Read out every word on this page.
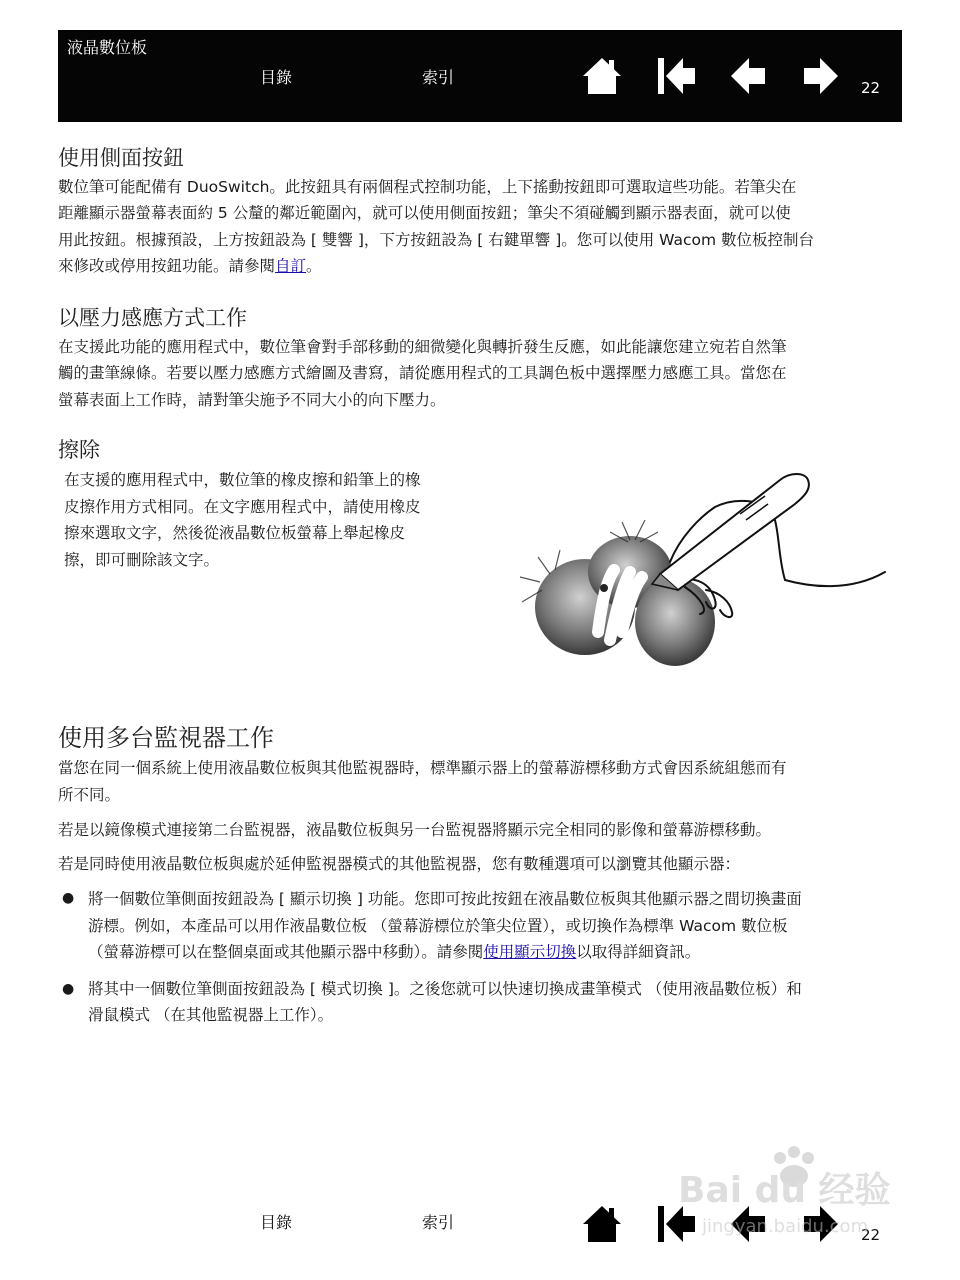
液晶數位板
目錄	索引
22
使用側面按鈕

數位筆可能配備有 DuoSwitch。此按鈕具有兩個程式控制功能，上下搖動按鈕即可選取這些功能。若筆尖在

距離顯示器螢幕表面約 5 公釐的鄰近範圍內，就可以使用側面按鈕；筆尖不須碰觸到顯示器表面，就可以使

用此按鈕。根據預設，上方按鈕設為 [ 雙響 ]，下方按鈕設為 [ 右鍵單響 ]。您可以使用 Wacom 數位板控制台

來修改或停用按鈕功能。請參閱自訂。

以壓力感應方式工作

在支援此功能的應用程式中，數位筆會對手部移動的細微變化與轉折發生反應，如此能讓您建立宛若自然筆

觸的畫筆線條。若要以壓力感應方式繪圖及書寫，請從應用程式的工具調色板中選擇壓力感應工具。當您在

螢幕表面上工作時，請對筆尖施予不同大小的向下壓力。

擦除

在支援的應用程式中，數位筆的橡皮擦和鉛筆上的橡

皮擦作用方式相同。在文字應用程式中，請使用橡皮

擦來選取文字，然後從液晶數位板螢幕上舉起橡皮

擦，即可刪除該文字。

使用多台監視器工作

當您在同一個系統上使用液晶數位板與其他監視器時，標準顯示器上的螢幕游標移動方式會因系統組態而有

所不同。

若是以鏡像模式連接第二台監視器，液晶數位板與另一台監視器將顯示完全相同的影像和螢幕游標移動。

若是同時使用液晶數位板與處於延伸監視器模式的其他監視器，您有數種選項可以瀏覽其他顯示器：

● 將一個數位筆側面按鈕設為 [ 顯示切換 ] 功能。您即可按此按鈕在液晶數位板與其他顯示器之間切換畫面

游標。例如，本產品可以用作液晶數位板 （螢幕游標位於筆尖位置），或切換作為標準 Wacom 數位板

（螢幕游標可以在整個桌面或其他顯示器中移動）。請參閱使用顯示切換以取得詳細資訊。

● 將其中一個數位筆側面按鈕設為 [ 模式切換 ]。之後您就可以快速切換成畫筆模式 （使用液晶數位板）和

滑鼠模式 （在其他監視器上工作）。

目錄	索引
22
Bai du 经验
jingyan.baidu.com
